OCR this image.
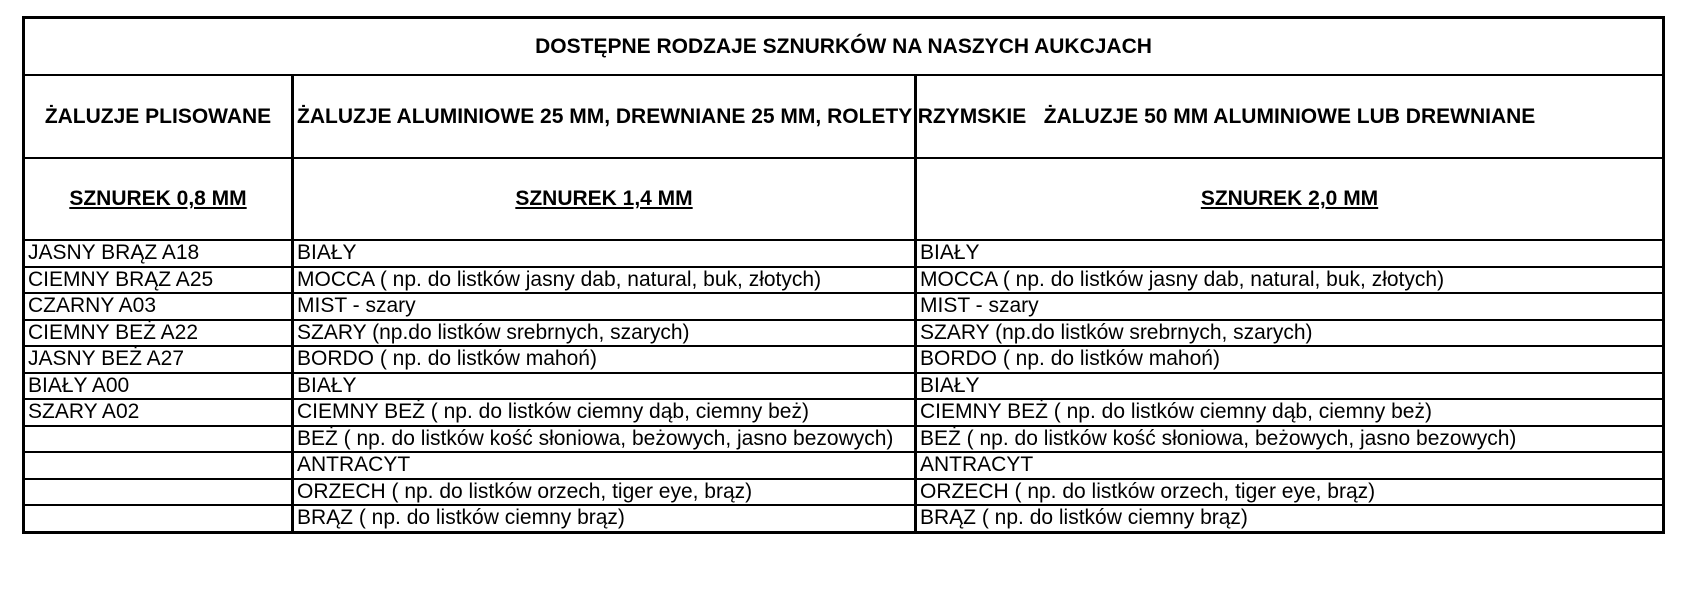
DOSTĘPNE RODZAJE SZNURKÓW NA NASZYCH AUKCJACH		
ŻALUZJE PLISOWANE	ŻALUZJE ALUMINIOWE 25 MM, DREWNIANE 25 MM, ROLETY RZYMSKIE	ŻALUZJE 50 MM ALUMINIOWE LUB DREWNIANE
SZNUREK 0,8 MM	SZNUREK 1,4 MM	SZNUREK 2,0 MM
JASNY BRĄZ A18	BIAŁY	BIAŁY
CIEMNY BRĄZ A25	MOCCA ( np. do listków jasny dab, natural, buk, złotych)	MOCCA ( np. do listków jasny dab, natural, buk, złotych)
CZARNY A03	MIST - szary	MIST - szary
CIEMNY BEŻ A22	SZARY (np.do listków srebrnych, szarych)	SZARY (np.do listków srebrnych, szarych)
JASNY BEŻ A27	BORDO ( np. do listków mahoń)	BORDO ( np. do listków mahoń)
BIAŁY A00	BIAŁY	BIAŁY
SZARY A02	CIEMNY BEŻ ( np. do listków ciemny dąb, ciemny beż)	CIEMNY BEŻ ( np. do listków ciemny dąb, ciemny beż)
	BEŻ ( np. do listków kość słoniowa, beżowych, jasno bezowych)	BEŻ ( np. do listków kość słoniowa, beżowych, jasno bezowych)
	ANTRACYT	ANTRACYT
	ORZECH ( np. do listków orzech, tiger eye, brąz)	ORZECH ( np. do listków orzech, tiger eye, brąz)
	BRĄZ ( np. do listków ciemny brąz)	BRĄZ ( np. do listków ciemny brąz)
